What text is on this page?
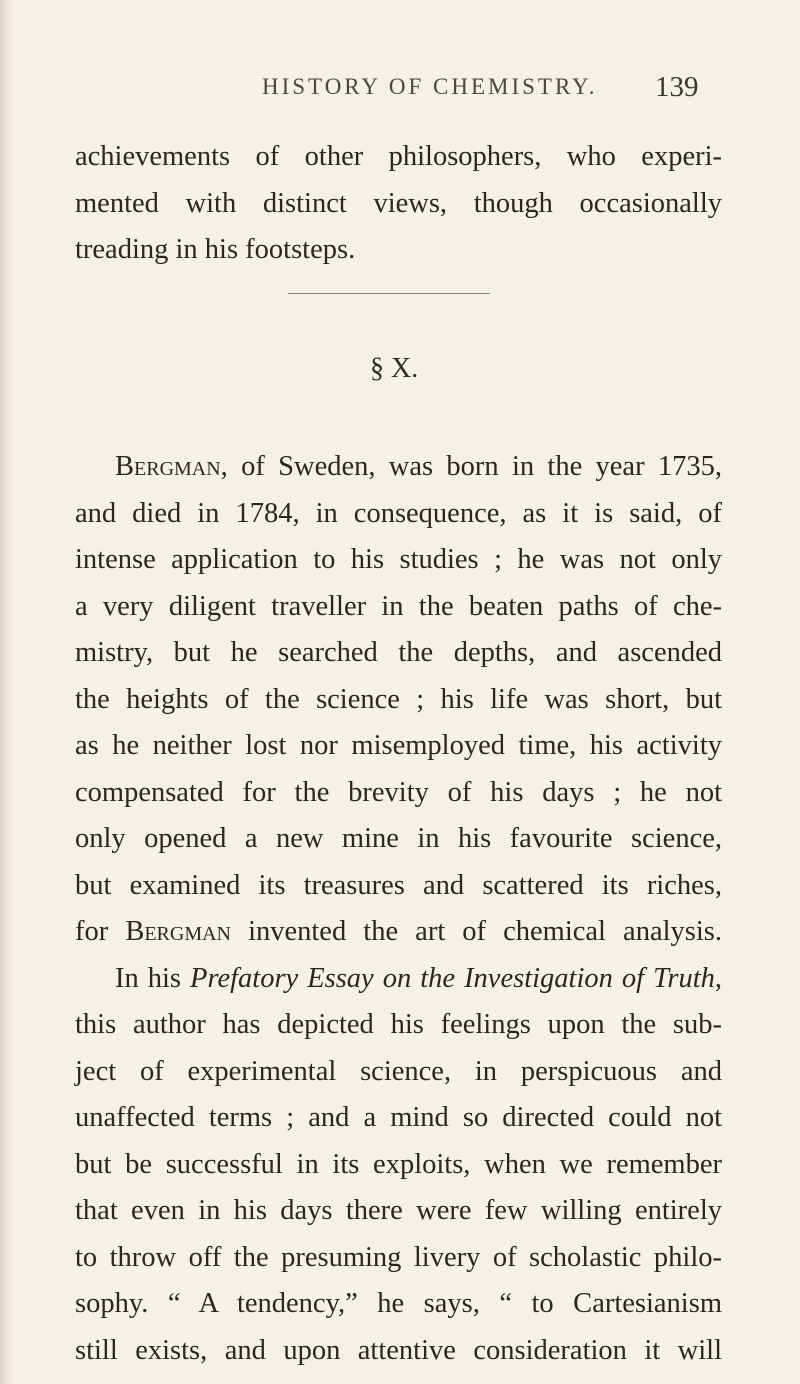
HISTORY OF CHEMISTRY. 139
achievements of other philosophers, who experi-
mented with distinct views, though occasionally
treading in his footsteps.
§ X.
Bergman, of Sweden, was born in the year 1735,
and died in 1784, in consequence, as it is said, of
intense application to his studies ; he was not only
a very diligent traveller in the beaten paths of che-
mistry, but he searched the depths, and ascended
the heights of the science ; his life was short, but
as he neither lost nor misemployed time, his activity
compensated for the brevity of his days ; he not
only opened a new mine in his favourite science,
but examined its treasures and scattered its riches,
for Bergman invented the art of chemical analysis.
In his Prefatory Essay on the Investigation of Truth,
this author has depicted his feelings upon the sub-
ject of experimental science, in perspicuous and
unaffected terms ; and a mind so directed could not
but be successful in its exploits, when we remember
that even in his days there were few willing entirely
to throw off the presuming livery of scholastic philo-
sophy. “ A tendency,” he says, “ to Cartesianism
still exists, and upon attentive consideration it will
